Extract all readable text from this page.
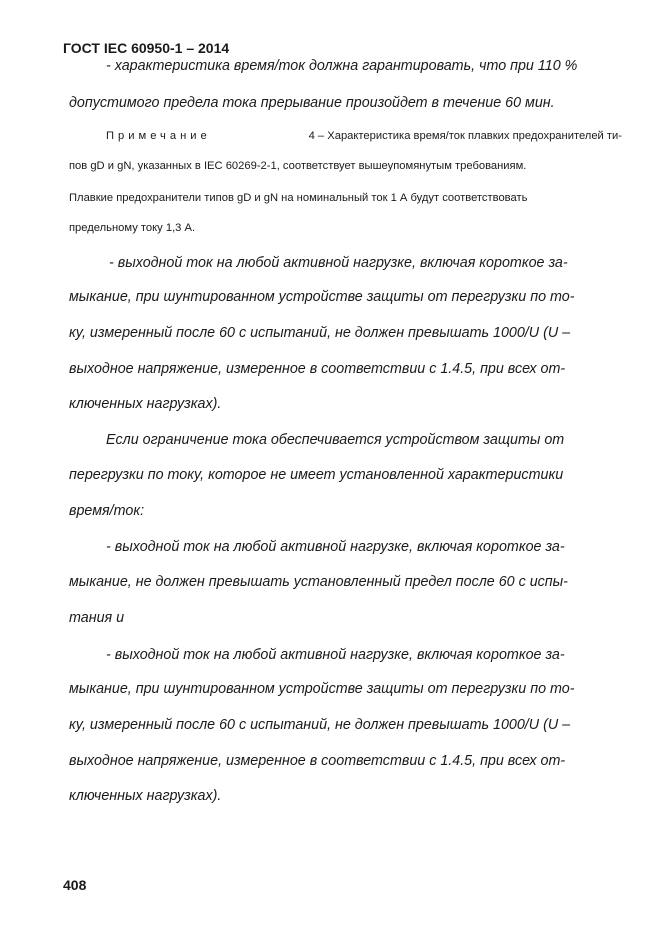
ГОСТ IEC 60950-1 – 2014
- характеристика время/ток должна гарантировать, что при 110 %
допустимого предела тока прерывание произойдет в течение 60 мин.
Примечание	4 – Характеристика время/ток плавких предохранителей ти-
пов gD и gN, указанных в IEC 60269-2-1, соответствует вышеупомянутым требованиям.
Плавкие предохранители типов gD и gN на номинальный ток 1 А будут соответствовать
предельному току 1,3 А.
- выходной ток на любой активной нагрузке, включая короткое за-
мыкание, при шунтированном устройстве защиты от перегрузки по то-
ку, измеренный после 60 с испытаний, не должен превышать 1000/U (U –
выходное напряжение, измеренное в соответствии с 1.4.5, при всех от-
ключенных нагрузках).
Если ограничение тока обеспечивается устройством защиты от
перегрузки по току, которое не имеет установленной характеристики
время/ток:
- выходной ток на любой активной нагрузке, включая короткое за-
мыкание, не должен превышать установленный предел после 60 с испы-
тания и
- выходной ток на любой активной нагрузке, включая короткое за-
мыкание, при шунтированном устройстве защиты от перегрузки по то-
ку, измеренный после 60 с испытаний, не должен превышать 1000/U (U –
выходное напряжение, измеренное в соответствии с 1.4.5, при всех от-
ключенных нагрузках).
408
